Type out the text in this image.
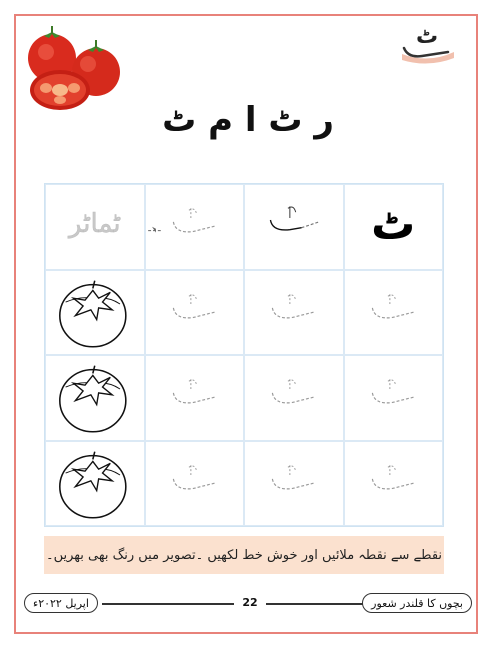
ٹ
ر ٹ ا م ٹ
ٹماٹر	ٹ
نقطے سے نقطہ ملائیں اور خوش خط لکھیں ۔تصویر میں رنگ بھی بھریں۔
اپریل ۲۰۲۲ء	22	بچوں کا قلندر شعور
